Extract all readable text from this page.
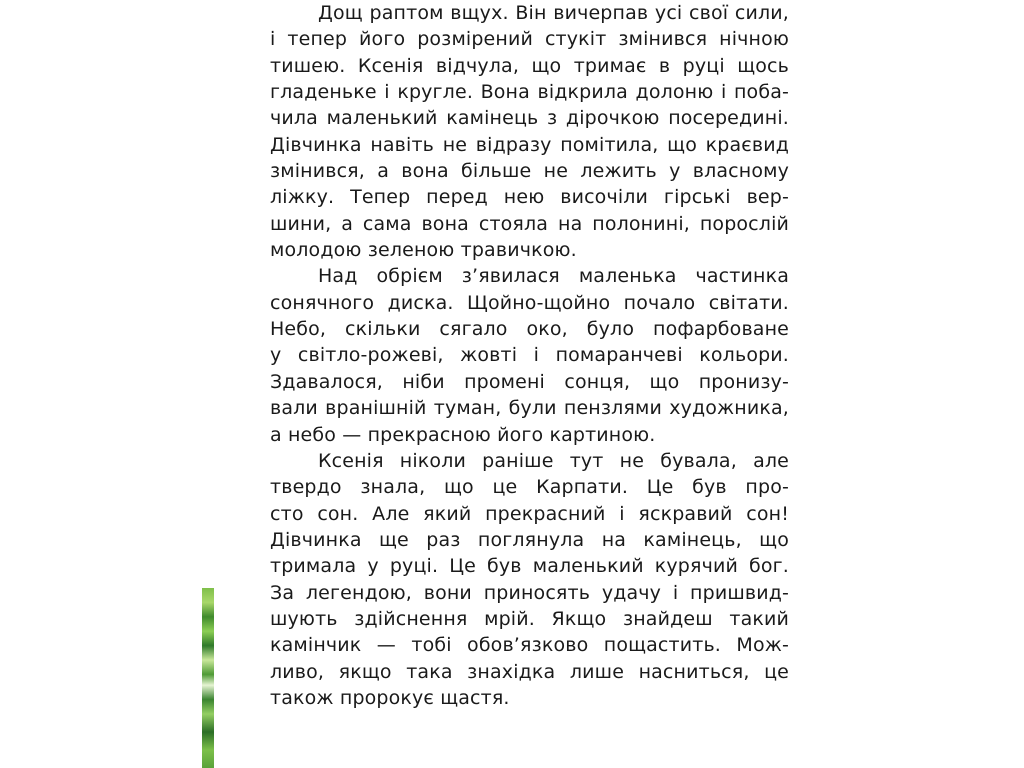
Дощ раптом вщух. Він вичерпав усі свої сили,
і тепер його розмірений стукіт змінився нічною
тишею. Ксенія відчула, що тримає в руці щось
гладеньке і кругле. Вона відкрила долоню і поба-
чила маленький камінець з дірочкою посередині.
Дівчинка навіть не відразу помітила, що краєвид
змінився, а вона більше не лежить у власному
ліжку. Тепер перед нею височіли гірські вер-
шини, а сама вона стояла на полонині, порослій
молодою зеленою травичкою.
Над обрієм з’явилася маленька частинка
сонячного диска. Щойно-щойно почало світати.
Небо, скільки сягало око, було пофарбоване
у світло-рожеві, жовті і помаранчеві кольори.
Здавалося, ніби промені сонця, що пронизу-
вали вранішній туман, були пензлями художника,
а небо — прекрасною його картиною.
Ксенія ніколи раніше тут не бувала, але
твердо знала, що це Карпати. Це був про-
сто сон. Але який прекрасний і яскравий сон!
Дівчинка ще раз поглянула на камінець, що
тримала у руці. Це був маленький курячий бог.
За легендою, вони приносять удачу і пришвид-
шують здійснення мрій. Якщо знайдеш такий
камінчик — тобі обов’язково пощастить. Мож-
ливо, якщо така знахідка лише насниться, це
також пророкує щастя.
